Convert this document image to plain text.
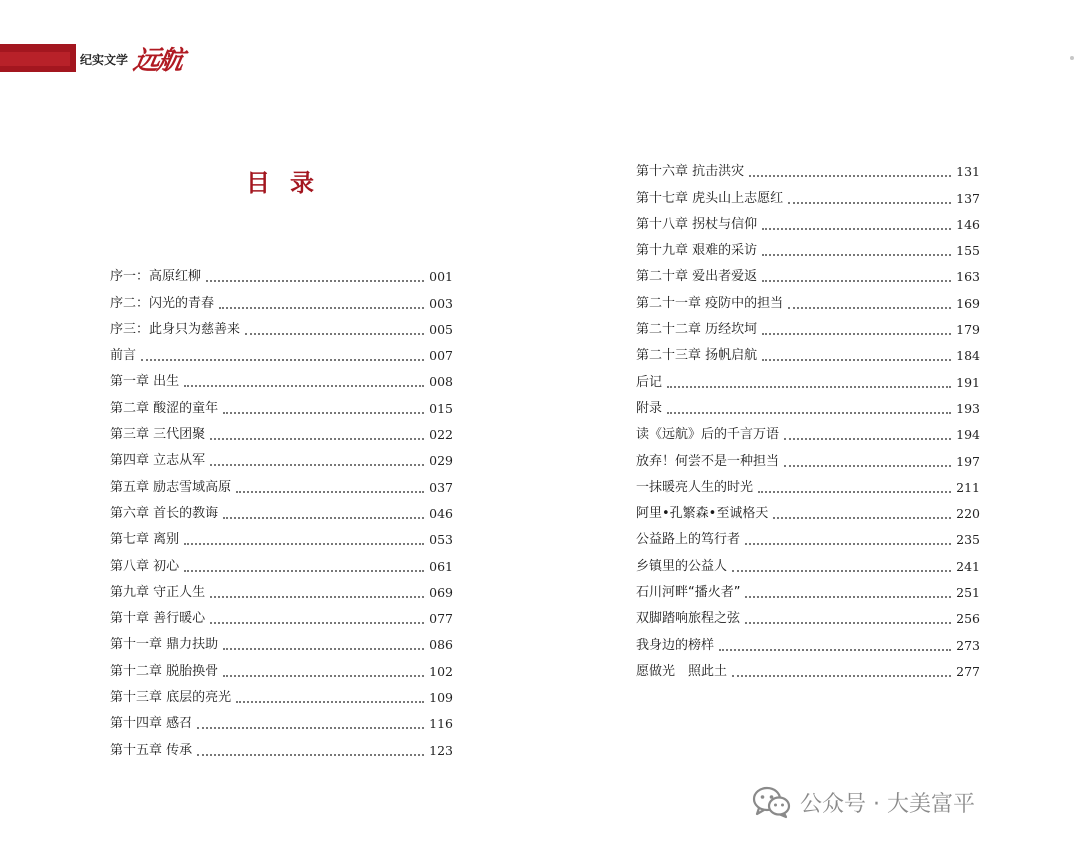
纪实文学 远航
目录
序一：高原红柳	001
序二：闪光的青春	003
序三：此身只为慈善来	005
前言	007
第一章 出生	008
第二章 酸涩的童年	015
第三章 三代团聚	022
第四章 立志从军	029
第五章 励志雪域高原	037
第六章 首长的教诲	046
第七章 离别	053
第八章 初心	061
第九章 守正人生	069
第十章 善行暖心	077
第十一章 鼎力扶助	086
第十二章 脱胎换骨	102
第十三章 底层的亮光	109
第十四章 感召	116
第十五章 传承	123
第十六章 抗击洪灾	131
第十七章 虎头山上志愿红	137
第十八章 拐杖与信仰	146
第十九章 艰难的采访	155
第二十章 爱出者爱返	163
第二十一章 疫防中的担当	169
第二十二章 历经坎坷	179
第二十三章 扬帆启航	184
后记	191
附录	193
读《远航》后的千言万语	194
放弃！何尝不是一种担当	197
一抹暖亮人生的时光	211
阿里•孔繁森•至诚格天	220
公益路上的笃行者	235
乡镇里的公益人	241
石川河畔“播火者”	251
双脚踏响旅程之弦	256
我身边的榜样	273
愿做光　照此土	277
公众号 · 大美富平
